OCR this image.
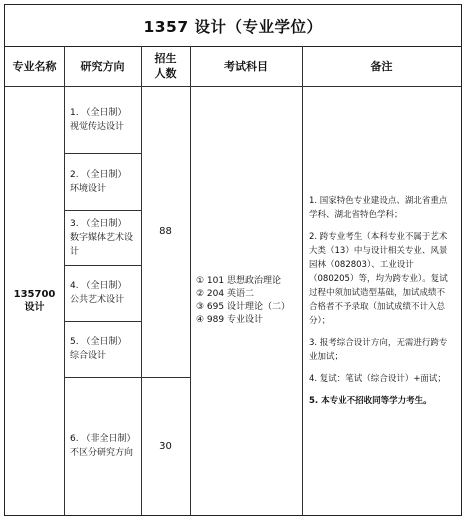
1357 设计（专业学位）
专业名称 研究方向
招生
人数
考试科目	备注
135700
设计
1. （全日制）
视觉传达设计
2. （全日制）
环境设计
3. （全日制）
数字媒体艺术设计
4. （全日制）
公共艺术设计
5. （全日制）
综合设计
6. （非全日制）
不区分研究方向
88
30
① 101 思想政治理论
② 204 英语二
③ 695 设计理论（二）
④ 989 专业设计

1. 国家特色专业建设点、湖北省重点学科、湖北省特色学科；

2. 跨专业考生（本科专业不属于艺术大类（13）中与设计相关专业、风景园林（082803）、工业设计（080205）等，均为跨专业）。复试过程中须加试造型基础，加试成绩不合格者不予录取（加试成绩不计入总分）；

3. 报考综合设计方向，无需进行跨专业加试；

4. 复试：笔试（综合设计）+面试；

5. 本专业不招收同等学力考生。
